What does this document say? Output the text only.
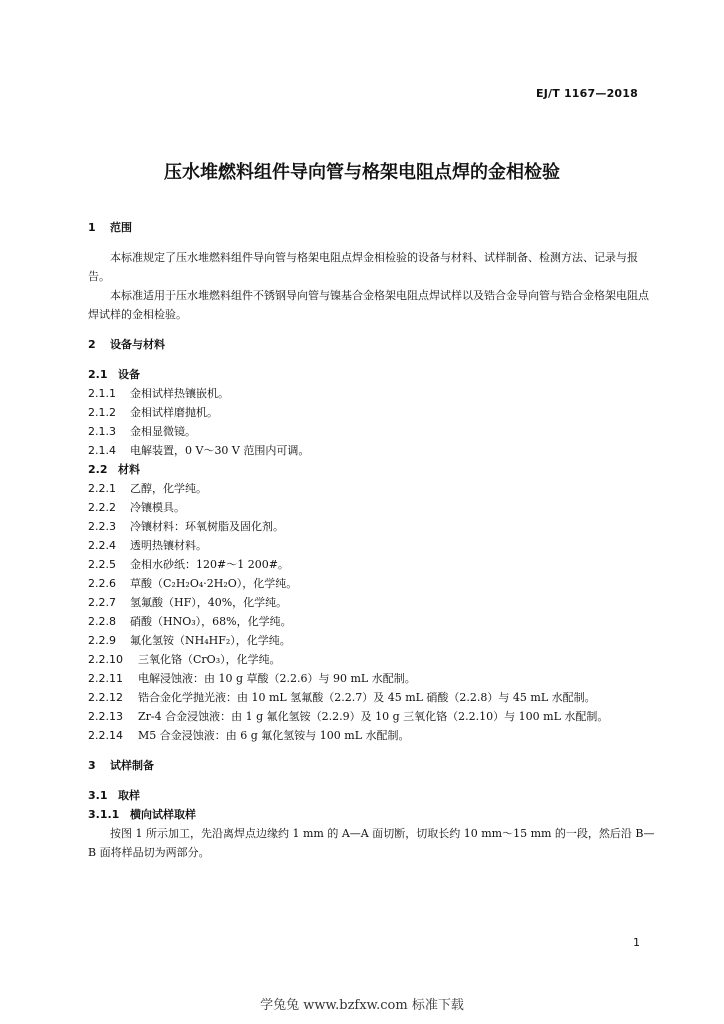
EJ/T 1167—2018
压水堆燃料组件导向管与格架电阻点焊的金相检验
1 范围
本标准规定了压水堆燃料组件导向管与格架电阻点焊金相检验的设备与材料、试样制备、检测方法、记录与报告。
本标准适用于压水堆燃料组件不锈钢导向管与镍基合金格架电阻点焊试样以及锆合金导向管与锆合金格架电阻点焊试样的金相检验。
2 设备与材料
2.1 设备
2.1.1 金相试样热镶嵌机。
2.1.2 金相试样磨抛机。
2.1.3 金相显微镜。
2.1.4 电解装置，0 V～30 V 范围内可调。
2.2 材料
2.2.1 乙醇，化学纯。
2.2.2 冷镶模具。
2.2.3 冷镶材料：环氧树脂及固化剂。
2.2.4 透明热镶材料。
2.2.5 金相水砂纸：120#～1 200#。
2.2.6 草酸（C₂H₂O₄·2H₂O），化学纯。
2.2.7 氢氟酸（HF），40%，化学纯。
2.2.8 硝酸（HNO₃），68%，化学纯。
2.2.9 氟化氢铵（NH₄HF₂），化学纯。
2.2.10 三氧化铬（CrO₃），化学纯。
2.2.11 电解浸蚀液：由 10 g 草酸（2.2.6）与 90 mL 水配制。
2.2.12 锆合金化学抛光液：由 10 mL 氢氟酸（2.2.7）及 45 mL 硝酸（2.2.8）与 45 mL 水配制。
2.2.13 Zr-4 合金浸蚀液：由 1 g 氟化氢铵（2.2.9）及 10 g 三氧化铬（2.2.10）与 100 mL 水配制。
2.2.14 M5 合金浸蚀液：由 6 g 氟化氢铵与 100 mL 水配制。
3 试样制备
3.1 取样
3.1.1 横向试样取样
按图 1 所示加工，先沿离焊点边缘约 1 mm 的 A—A 面切断，切取长约 10 mm～15 mm 的一段，然后沿 B—B 面将样品切为两部分。
1
学兔兔 www.bzfxw.com 标准下载
